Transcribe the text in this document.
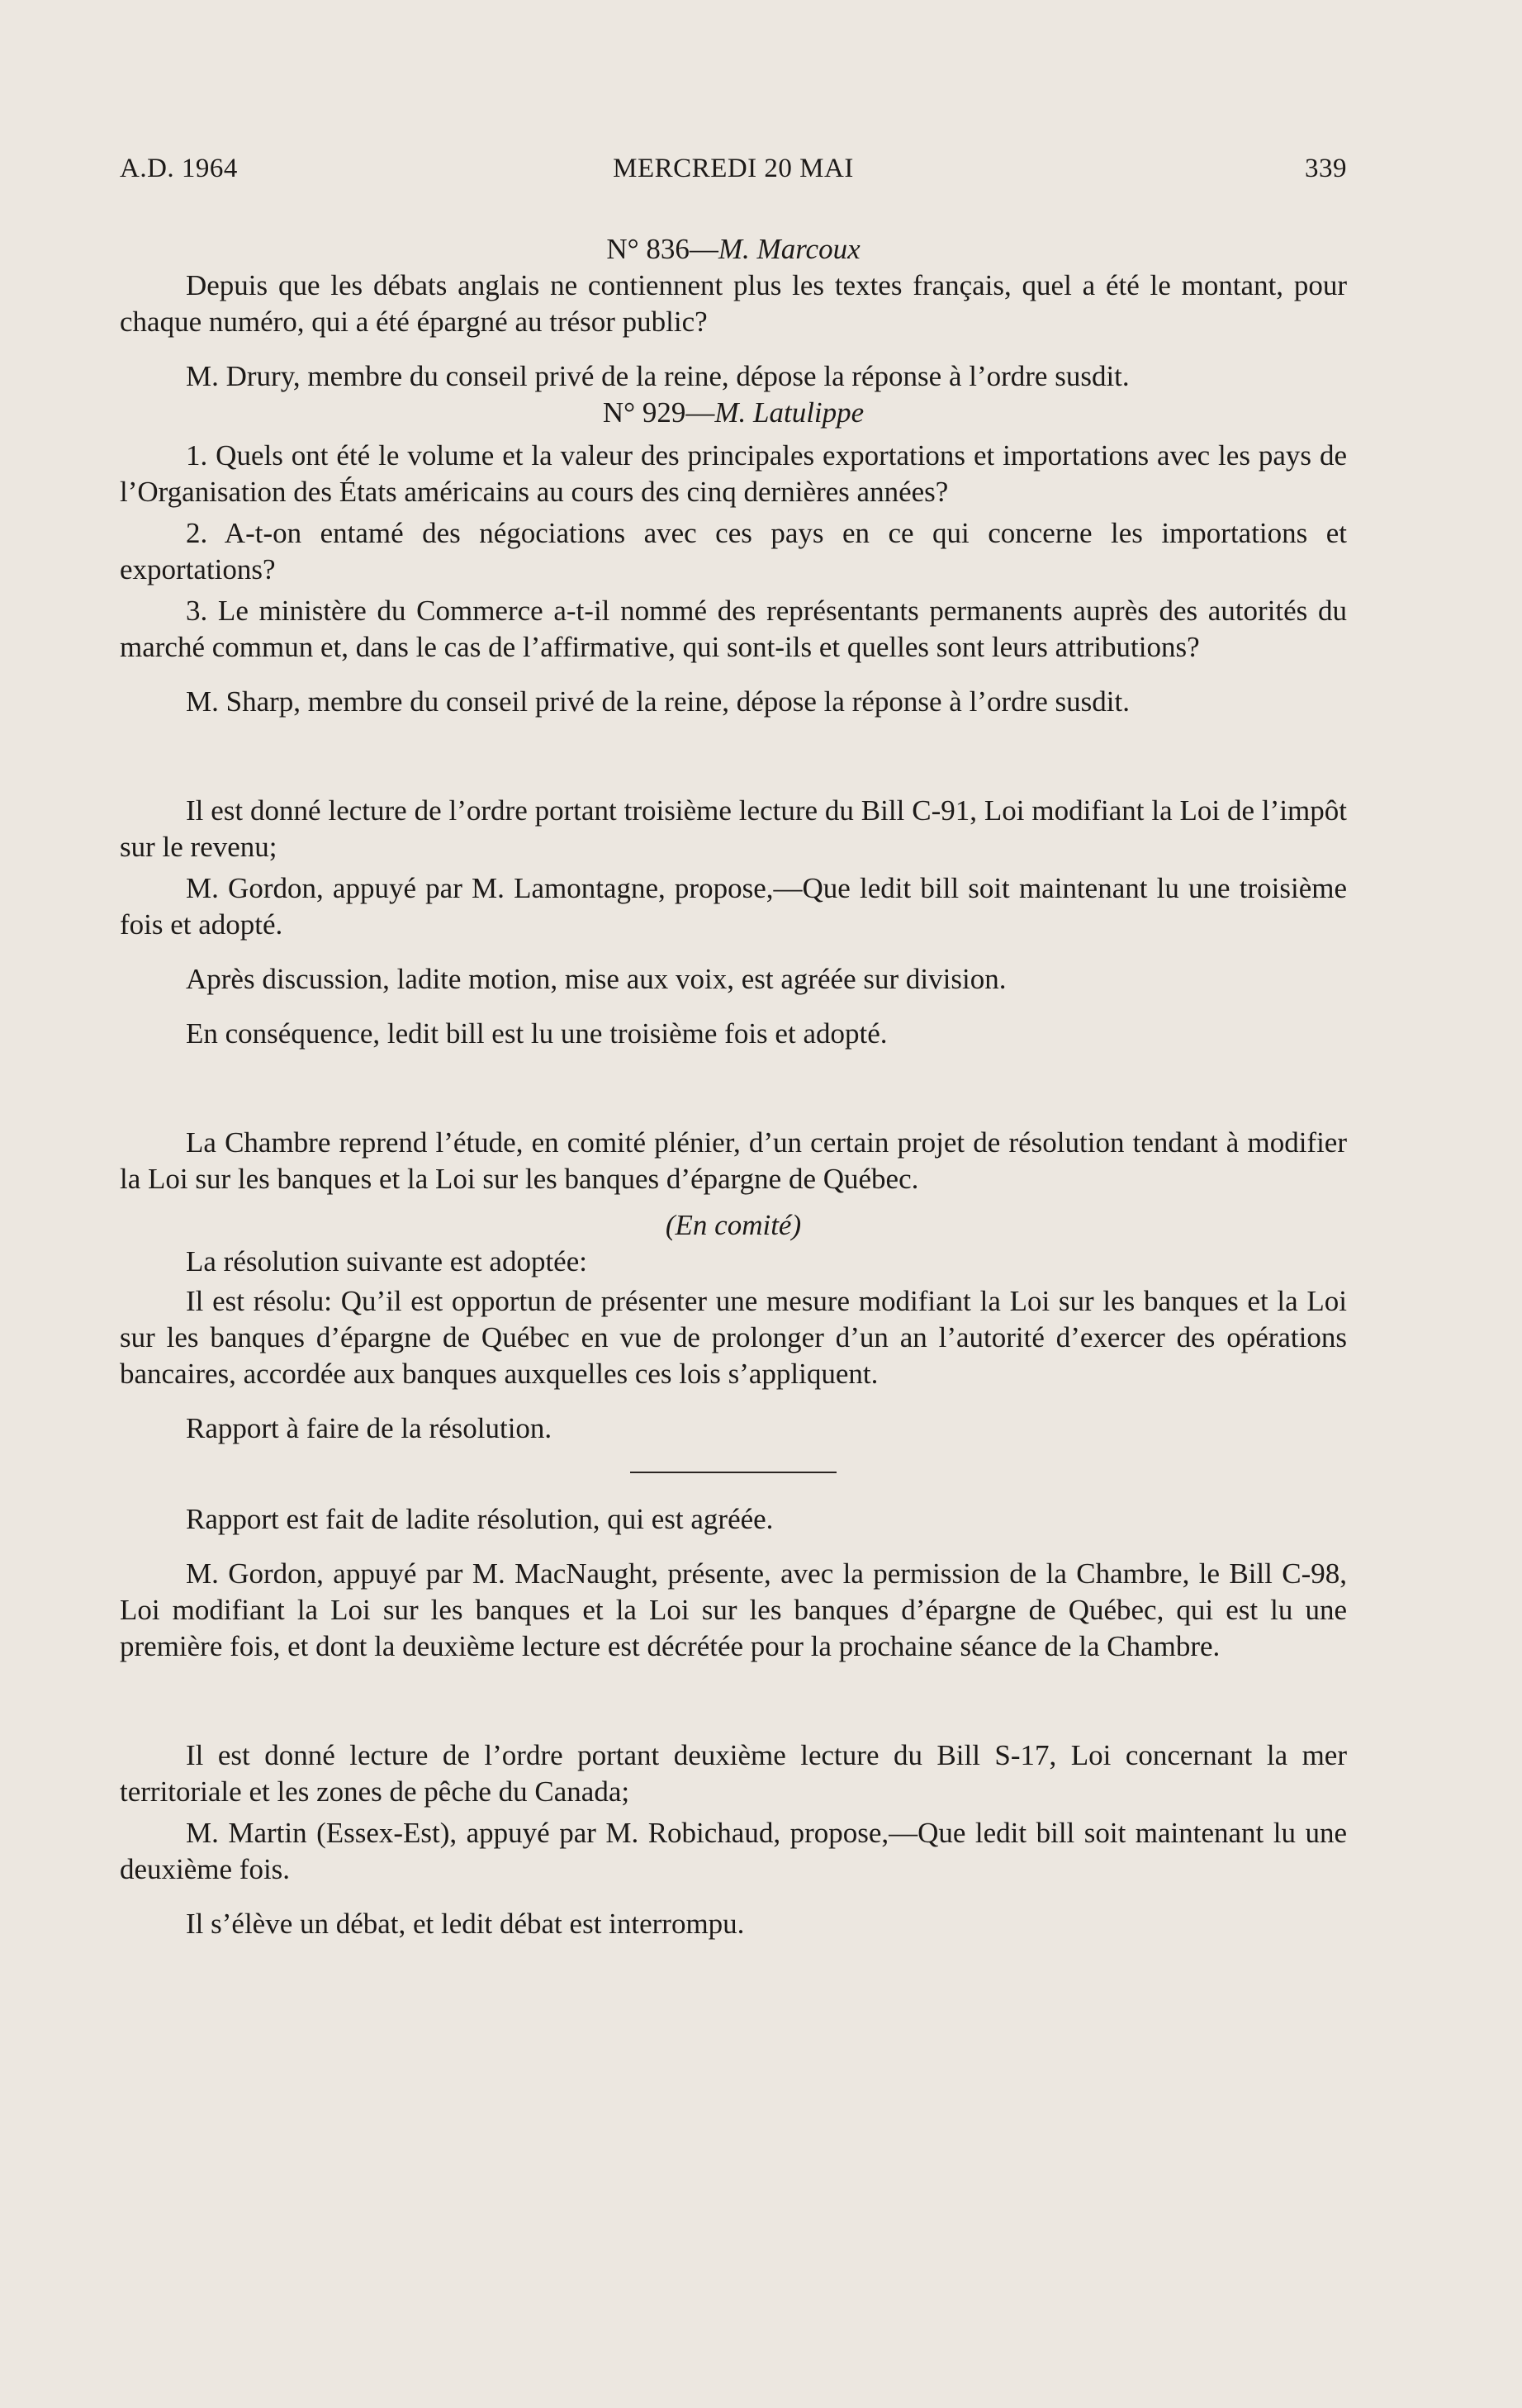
A.D. 1964	MERCREDI 20 MAI	339

N° 836—M. Marcoux

Depuis que les débats anglais ne contiennent plus les textes français, quel a été le montant, pour chaque numéro, qui a été épargné au trésor public?

M. Drury, membre du conseil privé de la reine, dépose la réponse à l’ordre susdit.

N° 929—M. Latulippe

1. Quels ont été le volume et la valeur des principales exportations et importations avec les pays de l’Organisation des États américains au cours des cinq dernières années?

2. A-t-on entamé des négociations avec ces pays en ce qui concerne les importations et exportations?

3. Le ministère du Commerce a-t-il nommé des représentants permanents auprès des autorités du marché commun et, dans le cas de l’affirmative, qui sont-ils et quelles sont leurs attributions?

M. Sharp, membre du conseil privé de la reine, dépose la réponse à l’ordre susdit.

Il est donné lecture de l’ordre portant troisième lecture du Bill C-91, Loi modifiant la Loi de l’impôt sur le revenu;

M. Gordon, appuyé par M. Lamontagne, propose,—Que ledit bill soit maintenant lu une troisième fois et adopté.

Après discussion, ladite motion, mise aux voix, est agréée sur division.

En conséquence, ledit bill est lu une troisième fois et adopté.

La Chambre reprend l’étude, en comité plénier, d’un certain projet de résolution tendant à modifier la Loi sur les banques et la Loi sur les banques d’épargne de Québec.

(En comité)

La résolution suivante est adoptée:

Il est résolu: Qu’il est opportun de présenter une mesure modifiant la Loi sur les banques et la Loi sur les banques d’épargne de Québec en vue de prolonger d’un an l’autorité d’exercer des opérations bancaires, accordée aux banques auxquelles ces lois s’appliquent.

Rapport à faire de la résolution.

Rapport est fait de ladite résolution, qui est agréée.

M. Gordon, appuyé par M. MacNaught, présente, avec la permission de la Chambre, le Bill C-98, Loi modifiant la Loi sur les banques et la Loi sur les banques d’épargne de Québec, qui est lu une première fois, et dont la deuxième lecture est décrétée pour la prochaine séance de la Chambre.

Il est donné lecture de l’ordre portant deuxième lecture du Bill S-17, Loi concernant la mer territoriale et les zones de pêche du Canada;

M. Martin (Essex-Est), appuyé par M. Robichaud, propose,—Que ledit bill soit maintenant lu une deuxième fois.

Il s’élève un débat, et ledit débat est interrompu.
